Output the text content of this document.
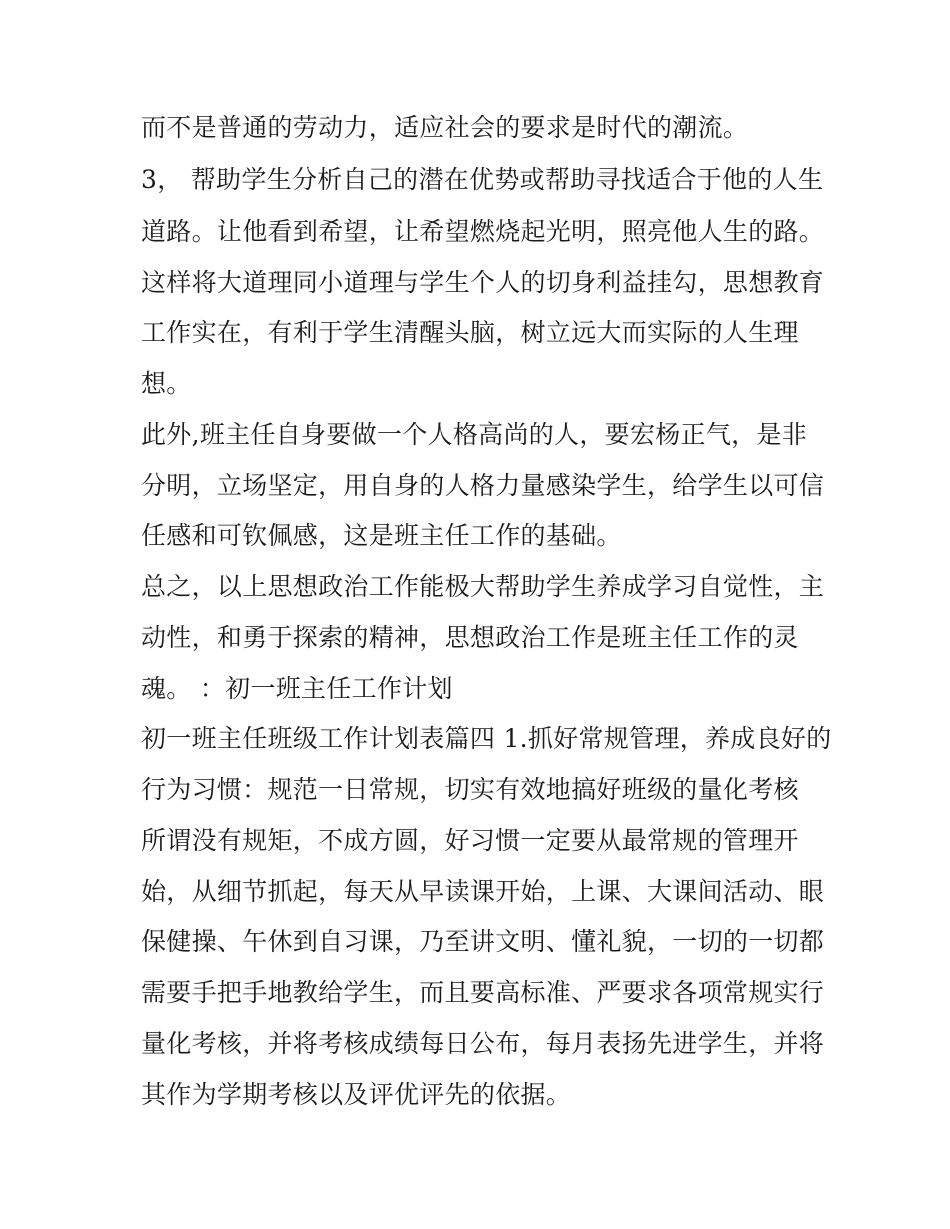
而不是普通的劳动力，适应社会的要求是时代的潮流。
3， 帮助学生分析自己的潜在优势或帮助寻找适合于他的人生
道路。让他看到希望，让希望燃烧起光明，照亮他人生的路。
这样将大道理同小道理与学生个人的切身利益挂勾，思想教育
工作实在，有利于学生清醒头脑，树立远大而实际的人生理
想。
此外,班主任自身要做一个人格高尚的人，要宏杨正气，是非
分明，立场坚定，用自身的人格力量感染学生，给学生以可信
任感和可钦佩感，这是班主任工作的基础。
总之，以上思想政治工作能极大帮助学生养成学习自觉性，主
动性，和勇于探索的精神，思想政治工作是班主任工作的灵
魂。 ：初一班主任工作计划
初一班主任班级工作计划表篇四 1.抓好常规管理，养成良好的
行为习惯：规范一日常规，切实有效地搞好班级的量化考核
所谓没有规矩，不成方圆，好习惯一定要从最常规的管理开
始，从细节抓起，每天从早读课开始，上课、大课间活动、眼
保健操、午休到自习课，乃至讲文明、懂礼貌，一切的一切都
需要手把手地教给学生，而且要高标准、严要求各项常规实行
量化考核，并将考核成绩每日公布，每月表扬先进学生，并将
其作为学期考核以及评优评先的依据。
